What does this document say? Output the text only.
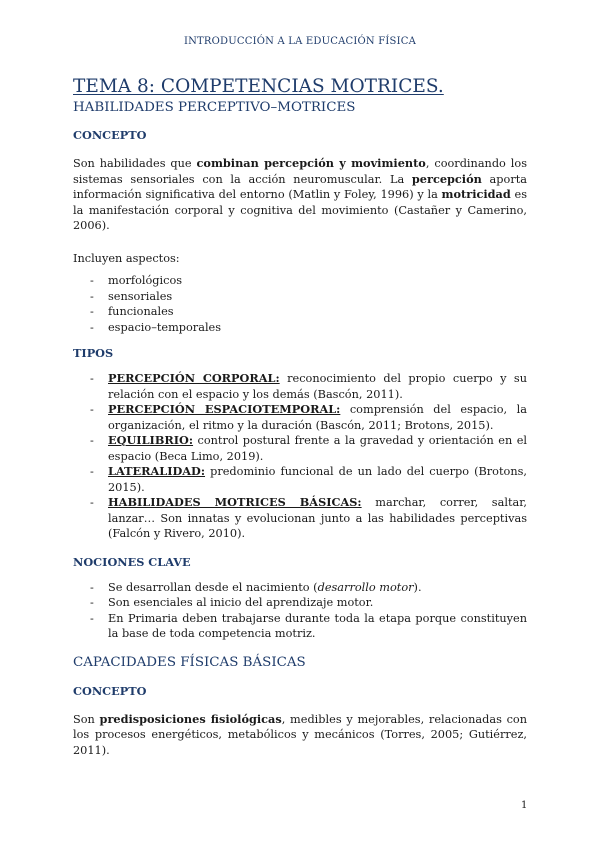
INTRODUCCIÓN A LA EDUCACIÓN FÍSICA
TEMA 8: COMPETENCIAS MOTRICES.
HABILIDADES PERCEPTIVO–MOTRICES
CONCEPTO

Son habilidades que combinan percepción y movimiento, coordinando los sistemas sensoriales con la acción neuromuscular. La percepción aporta información significativa del entorno (Matlin y Foley, 1996) y la motricidad es la manifestación corporal y cognitiva del movimiento (Castañer y Camerino, 2006).

Incluyen aspectos:

- morfológicos
- sensoriales
- funcionales
- espacio–temporales
TIPOS
- PERCEPCIÓN CORPORAL: reconocimiento del propio cuerpo y su relación con el espacio y los demás (Bascón, 2011).
- PERCEPCIÓN ESPACIOTEMPORAL: comprensión del espacio, la organización, el ritmo y la duración (Bascón, 2011; Brotons, 2015).
- EQUILIBRIO: control postural frente a la gravedad y orientación en el espacio (Beca Limo, 2019).
- LATERALIDAD: predominio funcional de un lado del cuerpo (Brotons, 2015).
- HABILIDADES MOTRICES BÁSICAS: marchar, correr, saltar, lanzar… Son innatas y evolucionan junto a las habilidades perceptivas (Falcón y Rivero, 2010).
NOCIONES CLAVE
- Se desarrollan desde el nacimiento (desarrollo motor).
- Son esenciales al inicio del aprendizaje motor.
- En Primaria deben trabajarse durante toda la etapa porque constituyen la base de toda competencia motriz.
CAPACIDADES FÍSICAS BÁSICAS
CONCEPTO

Son predisposiciones fisiológicas, medibles y mejorables, relacionadas con los procesos energéticos, metabólicos y mecánicos (Torres, 2005; Gutiérrez, 2011).

1
